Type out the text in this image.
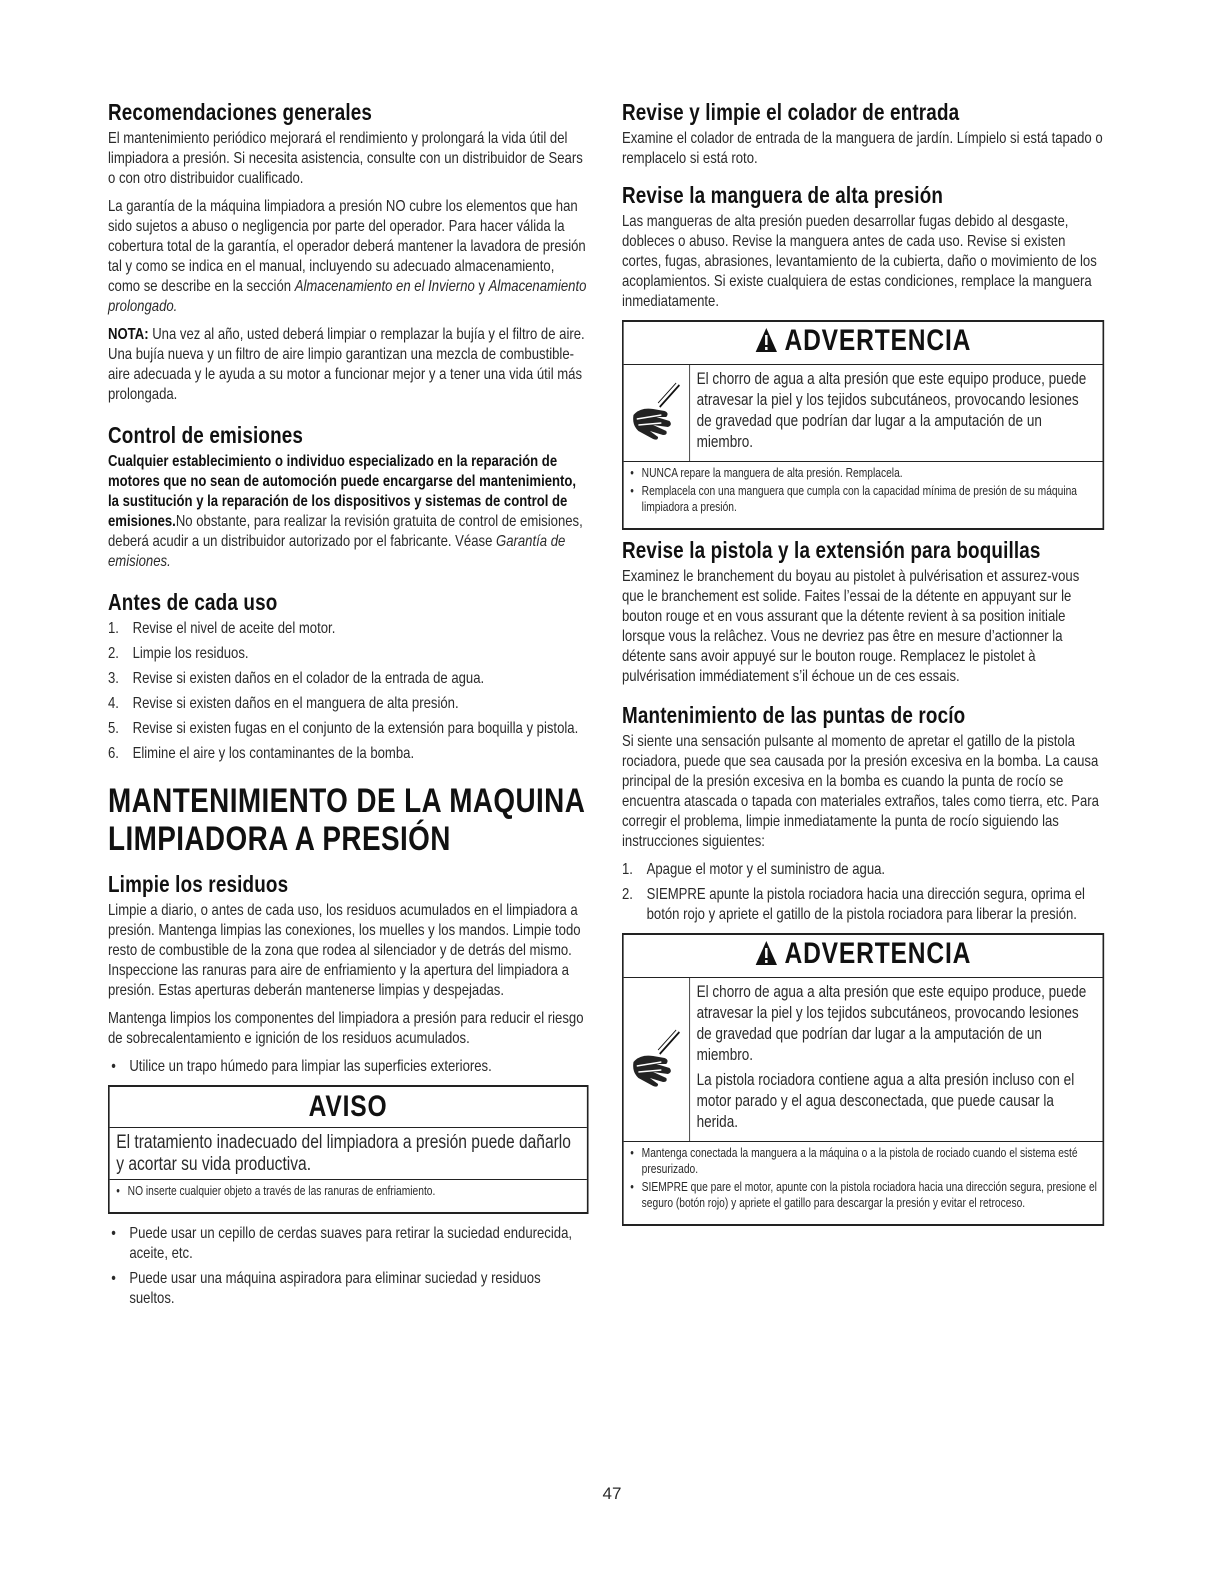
Recomendaciones generales

El mantenimiento periódico mejorará el rendimiento y prolongará la vida útil del limpiadora a presión. Si necesita asistencia, consulte con un distribuidor de Sears o con otro distribuidor cualificado.

La garantía de la máquina limpiadora a presión NO cubre los elementos que han sido sujetos a abuso o negligencia por parte del operador. Para hacer válida la cobertura total de la garantía, el operador deberá mantener la lavadora de presión tal y como se indica en el manual, incluyendo su adecuado almacenamiento, como se describe en la sección Almacenamiento en el Invierno y Almacenamiento prolongado.

NOTA: Una vez al año, usted deberá limpiar o remplazar la bujía y el filtro de aire. Una bujía nueva y un filtro de aire limpio garantizan una mezcla de combustible-aire adecuada y le ayuda a su motor a funcionar mejor y a tener una vida útil más prolongada.

Control de emisiones

Cualquier establecimiento o individuo especializado en la reparación de motores que no sean de automoción puede encargarse del mantenimiento, la sustitución y la reparación de los dispositivos y sistemas de control de emisiones.No obstante, para realizar la revisión gratuita de control de emisiones, deberá acudir a un distribuidor autorizado por el fabricante. Véase Garantía de emisiones.

Antes de cada uso
1. Revise el nivel de aceite del motor.
2. Limpie los residuos.
3. Revise si existen daños en el colador de la entrada de agua.
4. Revise si existen daños en el manguera de alta presión.
5. Revise si existen fugas en el conjunto de la extensión para boquilla y pistola.
6. Elimine el aire y los contaminantes de la bomba.
MANTENIMIENTO DE LA MAQUINA
LIMPIADORA A PRESIÓN
Limpie los residuos

Limpie a diario, o antes de cada uso, los residuos acumulados en el limpiadora a presión. Mantenga limpias las conexiones, los muelles y los mandos. Limpie todo resto de combustible de la zona que rodea al silenciador y de detrás del mismo. Inspeccione las ranuras para aire de enfriamiento y la apertura del limpiadora a presión. Estas aperturas deberán mantenerse limpias y despejadas.

Mantenga limpios los componentes del limpiadora a presión para reducir el riesgo de sobrecalentamiento e ignición de los residuos acumulados.

• Utilice un trapo húmedo para limpiar las superficies exteriores.
AVISO
El tratamiento inadecuado del limpiadora a presión puede dañarlo y acortar su vida productiva.
• NO inserte cualquier objeto a través de las ranuras de enfriamiento.
• Puede usar un cepillo de cerdas suaves para retirar la suciedad endurecida, aceite, etc.
• Puede usar una máquina aspiradora para eliminar suciedad y residuos sueltos.
Revise y limpie el colador de entrada

Examine el colador de entrada de la manguera de jardín. Límpielo si está tapado o remplacelo si está roto.

Revise la manguera de alta presión

Las mangueras de alta presión pueden desarrollar fugas debido al desgaste, dobleces o abuso. Revise la manguera antes de cada uso. Revise si existen cortes, fugas, abrasiones, levantamiento de la cubierta, daño o movimiento de los acoplamientos. Si existe cualquiera de estas condiciones, remplace la manguera inmediatamente.

ADVERTENCIA

El chorro de agua a alta presión que este equipo produce, puede atravesar la piel y los tejidos subcutáneos, provocando lesiones de gravedad que podrían dar lugar a la amputación de un miembro.

• NUNCA repare la manguera de alta presión. Remplacela.
• Remplacela con una manguera que cumpla con la capacidad mínima de presión de su máquina limpiadora a presión.
Revise la pistola y la extensión para boquillas

Examinez le branchement du boyau au pistolet à pulvérisation et assurez-vous que le branchement est solide. Faites l’essai de la détente en appuyant sur le bouton rouge et en vous assurant que la détente revient à sa position initiale lorsque vous la relâchez. Vous ne devriez pas être en mesure d’actionner la détente sans avoir appuyé sur le bouton rouge. Remplacez le pistolet à pulvérisation immédiatement s’il échoue un de ces essais.

Mantenimiento de las puntas de rocío

Si siente una sensación pulsante al momento de apretar el gatillo de la pistola rociadora, puede que sea causada por la presión excesiva en la bomba. La causa principal de la presión excesiva en la bomba es cuando la punta de rocío se encuentra atascada o tapada con materiales extraños, tales como tierra, etc. Para corregir el problema, limpie inmediatamente la punta de rocío siguiendo las instrucciones siguientes:

1. Apague el motor y el suministro de agua.
2. SIEMPRE apunte la pistola rociadora hacia una dirección segura, oprima el botón rojo y apriete el gatillo de la pistola rociadora para liberar la presión.
ADVERTENCIA

El chorro de agua a alta presión que este equipo produce, puede atravesar la piel y los tejidos subcutáneos, provocando lesiones de gravedad que podrían dar lugar a la amputación de un miembro.

La pistola rociadora contiene agua a alta presión incluso con el motor parado y el agua desconectada, que puede causar la herida.

• Mantenga conectada la manguera a la máquina o a la pistola de rociado cuando el sistema esté presurizado.
• SIEMPRE que pare el motor, apunte con la pistola rociadora hacia una dirección segura, presione el seguro (botón rojo) y apriete el gatillo para descargar la presión y evitar el retroceso.
47
